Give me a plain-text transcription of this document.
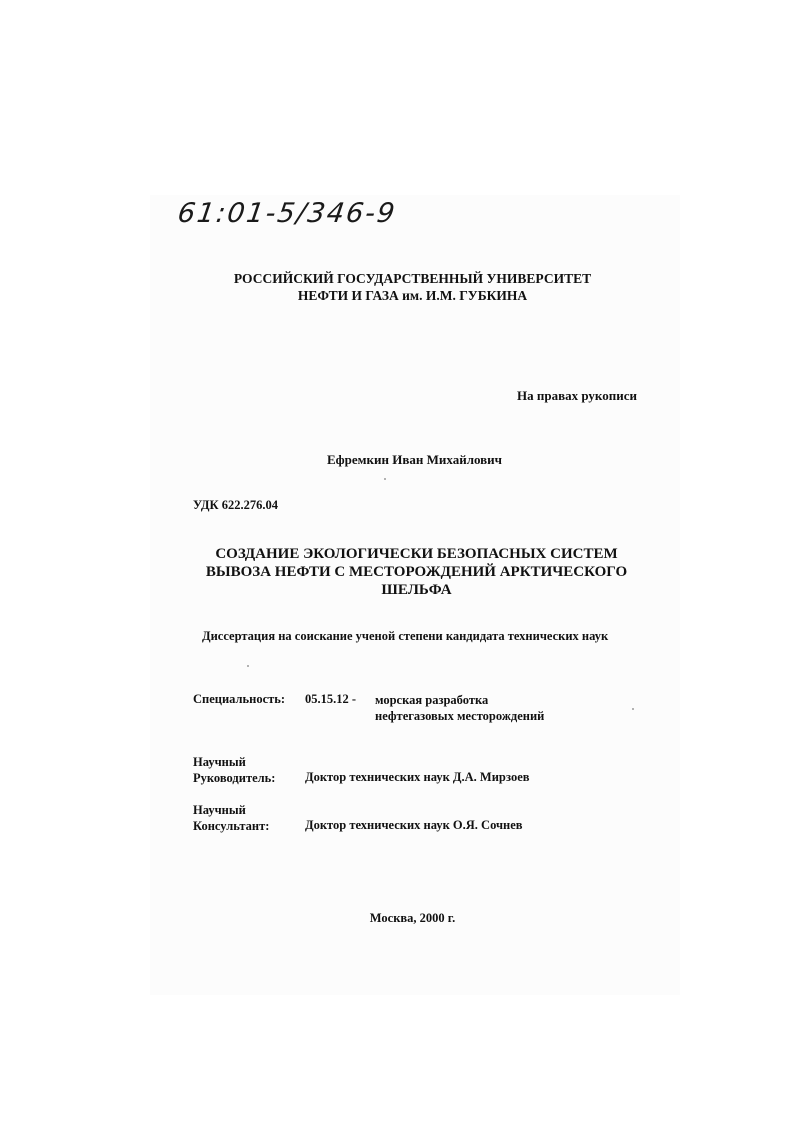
61:01-5/346-9
РОССИЙСКИЙ ГОСУДАРСТВЕННЫЙ УНИВЕРСИТЕТ
НЕФТИ И ГАЗА им. И.М. ГУБКИНА
На правах рукописи
Ефремкин Иван Михайлович
УДК 622.276.04
СОЗДАНИЕ ЭКОЛОГИЧЕСКИ БЕЗОПАСНЫХ СИСТЕМ
ВЫВОЗА НЕФТИ С МЕСТОРОЖДЕНИЙ АРКТИЧЕСКОГО
ШЕЛЬФА
Диссертация на соискание ученой степени кандидата технических наук
Специальность: 05.15.12 - морская разработка
нефтегазовых месторождений
Научный
Руководитель: Доктор технических наук Д.А. Мирзоев
Научный
Консультант:	Доктор технических наук О.Я. Сочнев
Москва, 2000 г.
